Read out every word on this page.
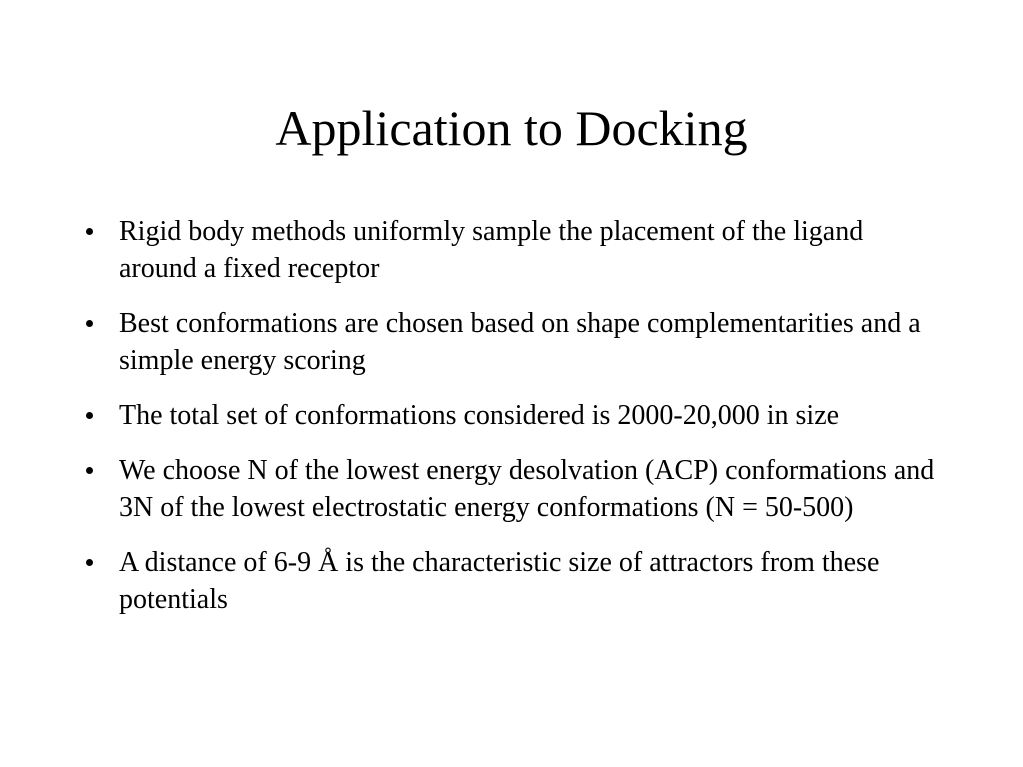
Application to Docking
Rigid body methods uniformly sample the placement of the ligand around a fixed receptor
Best conformations are chosen based on shape complementarities and a simple energy scoring
The total set of conformations considered is 2000-20,000 in size
We choose N of the lowest energy desolvation (ACP) conformations and 3N of the lowest electrostatic energy conformations (N = 50-500)
A distance of 6-9 Å is the characteristic size of attractors from these potentials
